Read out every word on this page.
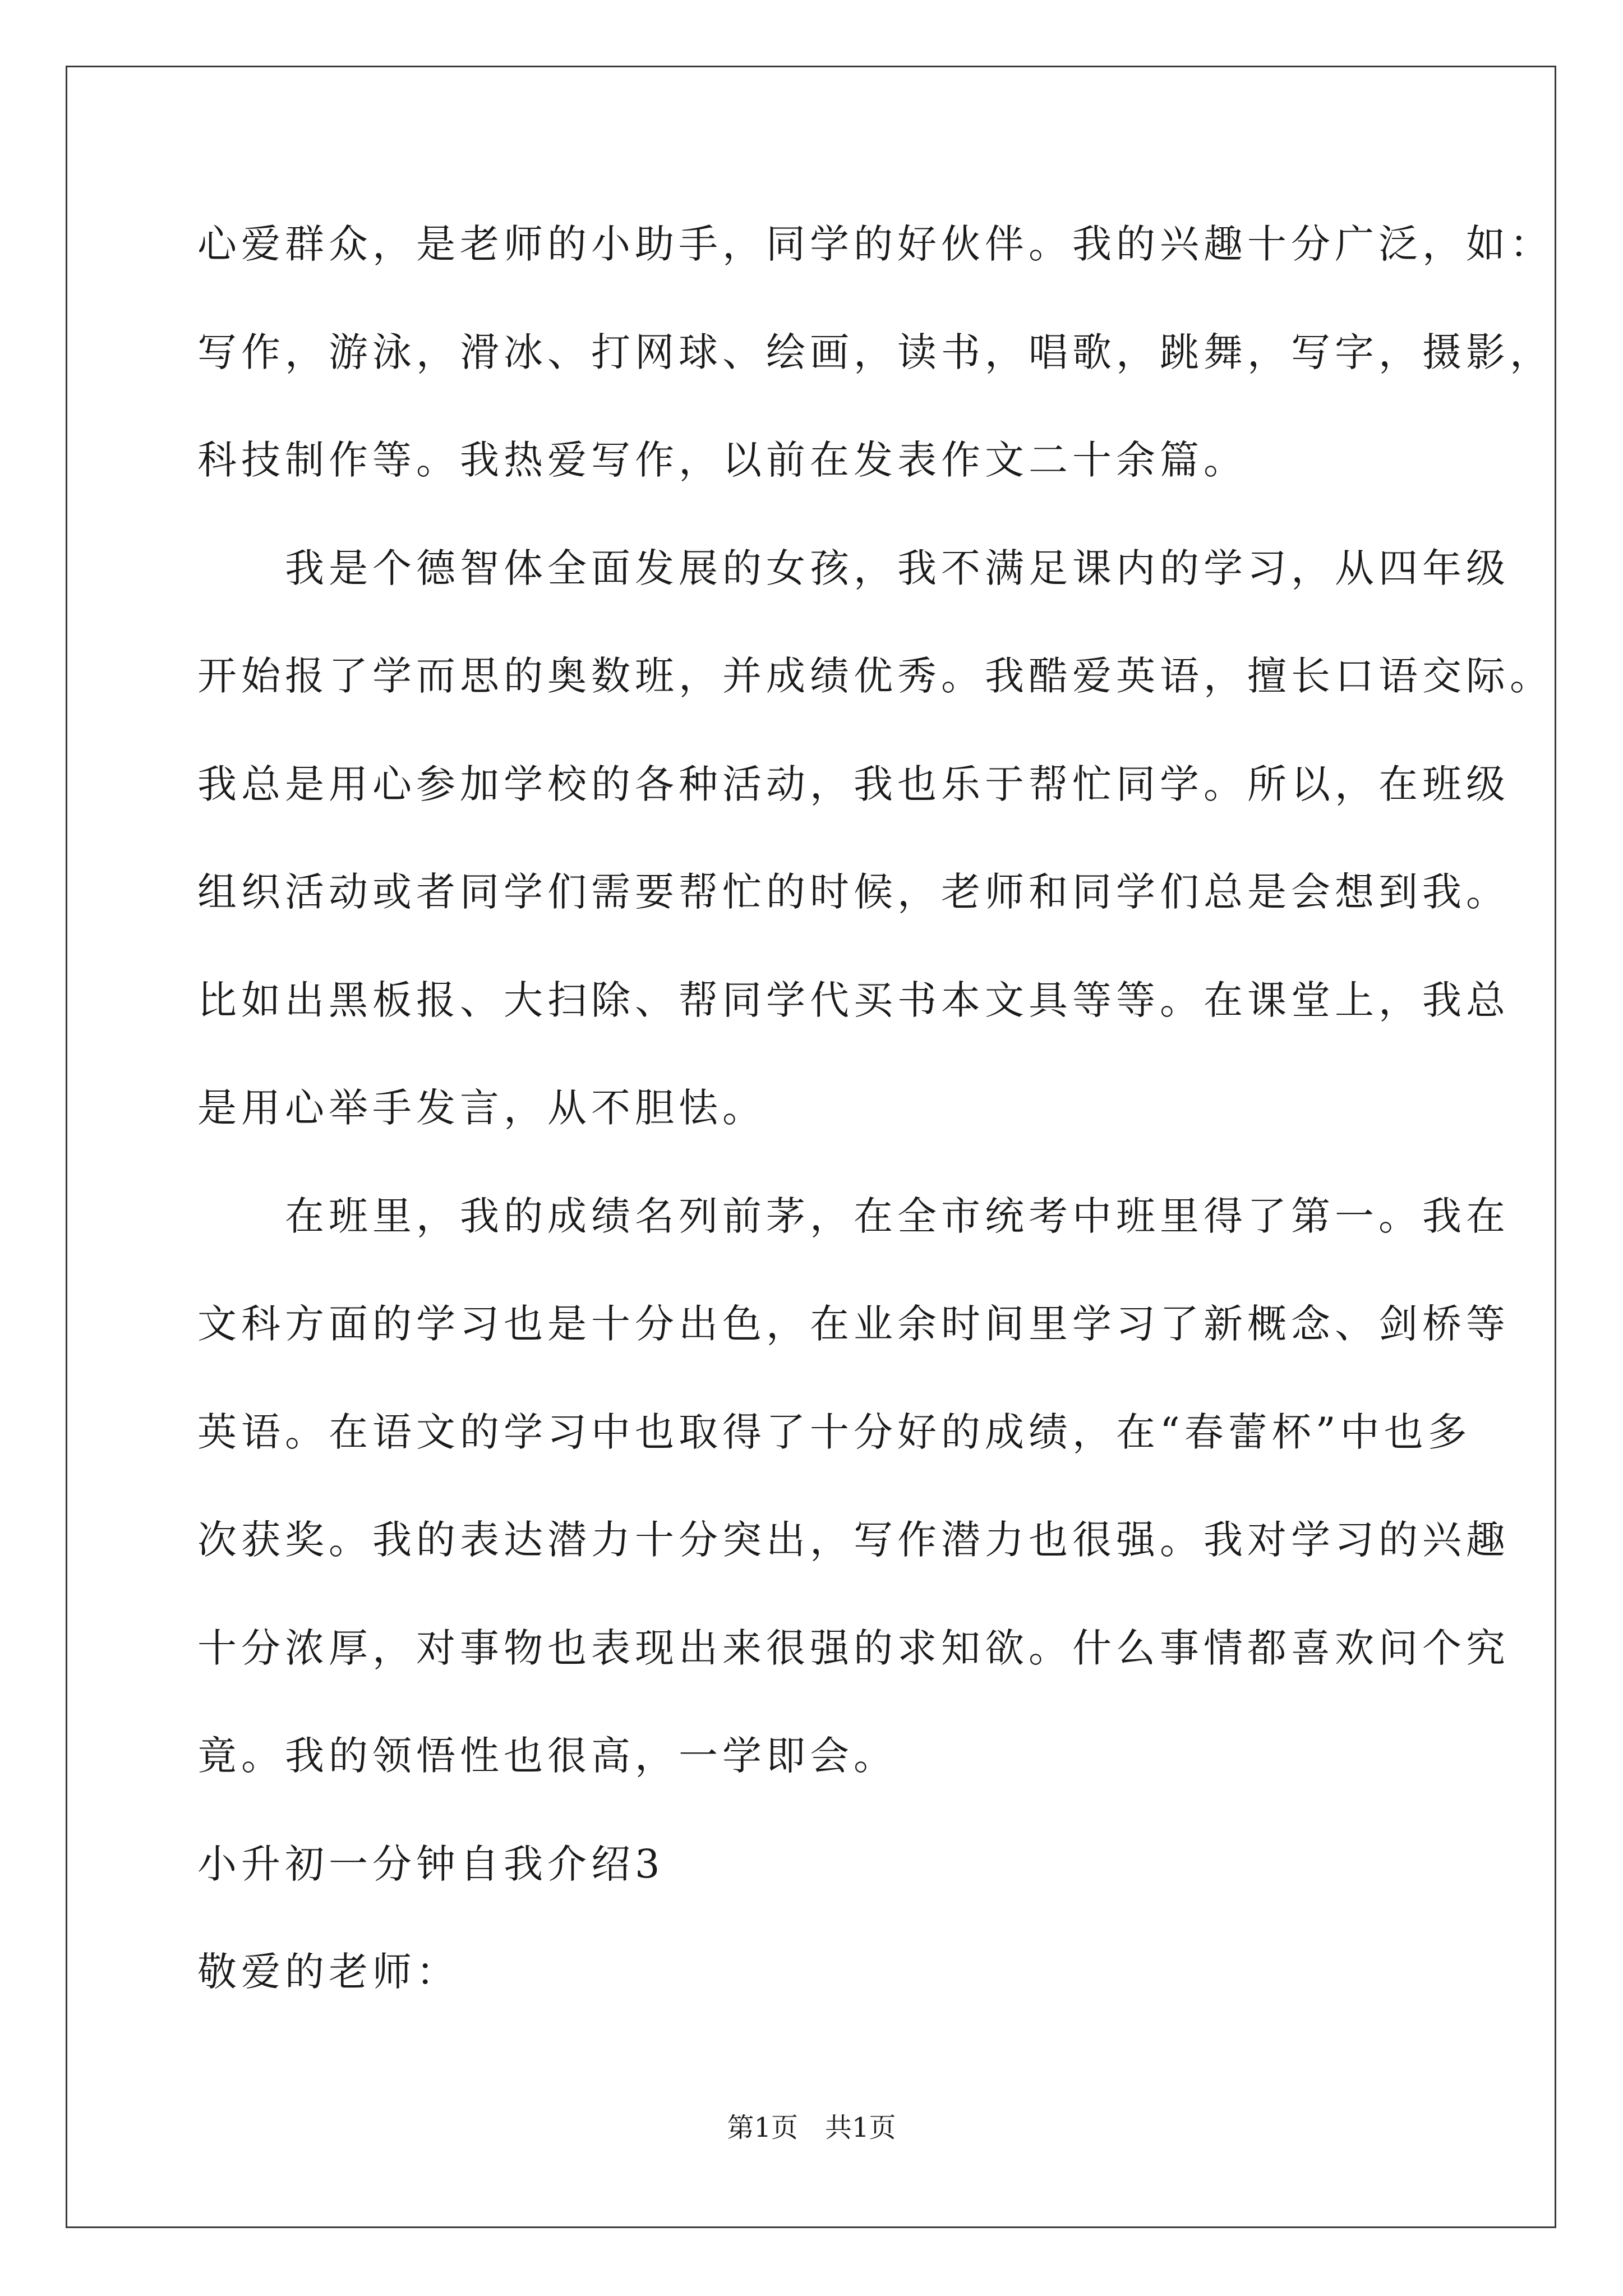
心爱群众，是老师的小助手，同学的好伙伴。我的兴趣十分广泛，如：
写作，游泳，滑冰、打网球、绘画，读书，唱歌，跳舞，写字，摄影，
科技制作等。我热爱写作，以前在发表作文二十余篇。
　　我是个德智体全面发展的女孩，我不满足课内的学习，从四年级
开始报了学而思的奥数班，并成绩优秀。我酷爱英语，擅长口语交际。
我总是用心参加学校的各种活动，我也乐于帮忙同学。所以，在班级
组织活动或者同学们需要帮忙的时候，老师和同学们总是会想到我。
比如出黑板报、大扫除、帮同学代买书本文具等等。在课堂上，我总
是用心举手发言，从不胆怯。
　　在班里，我的成绩名列前茅，在全市统考中班里得了第一。我在
文科方面的学习也是十分出色，在业余时间里学习了新概念、剑桥等
英语。在语文的学习中也取得了十分好的成绩，在“春蕾杯”中也多
次获奖。我的表达潜力十分突出，写作潜力也很强。我对学习的兴趣
十分浓厚，对事物也表现出来很强的求知欲。什么事情都喜欢问个究
竟。我的领悟性也很高，一学即会。
小升初一分钟自我介绍3
敬爱的老师：
第1页　共1页
